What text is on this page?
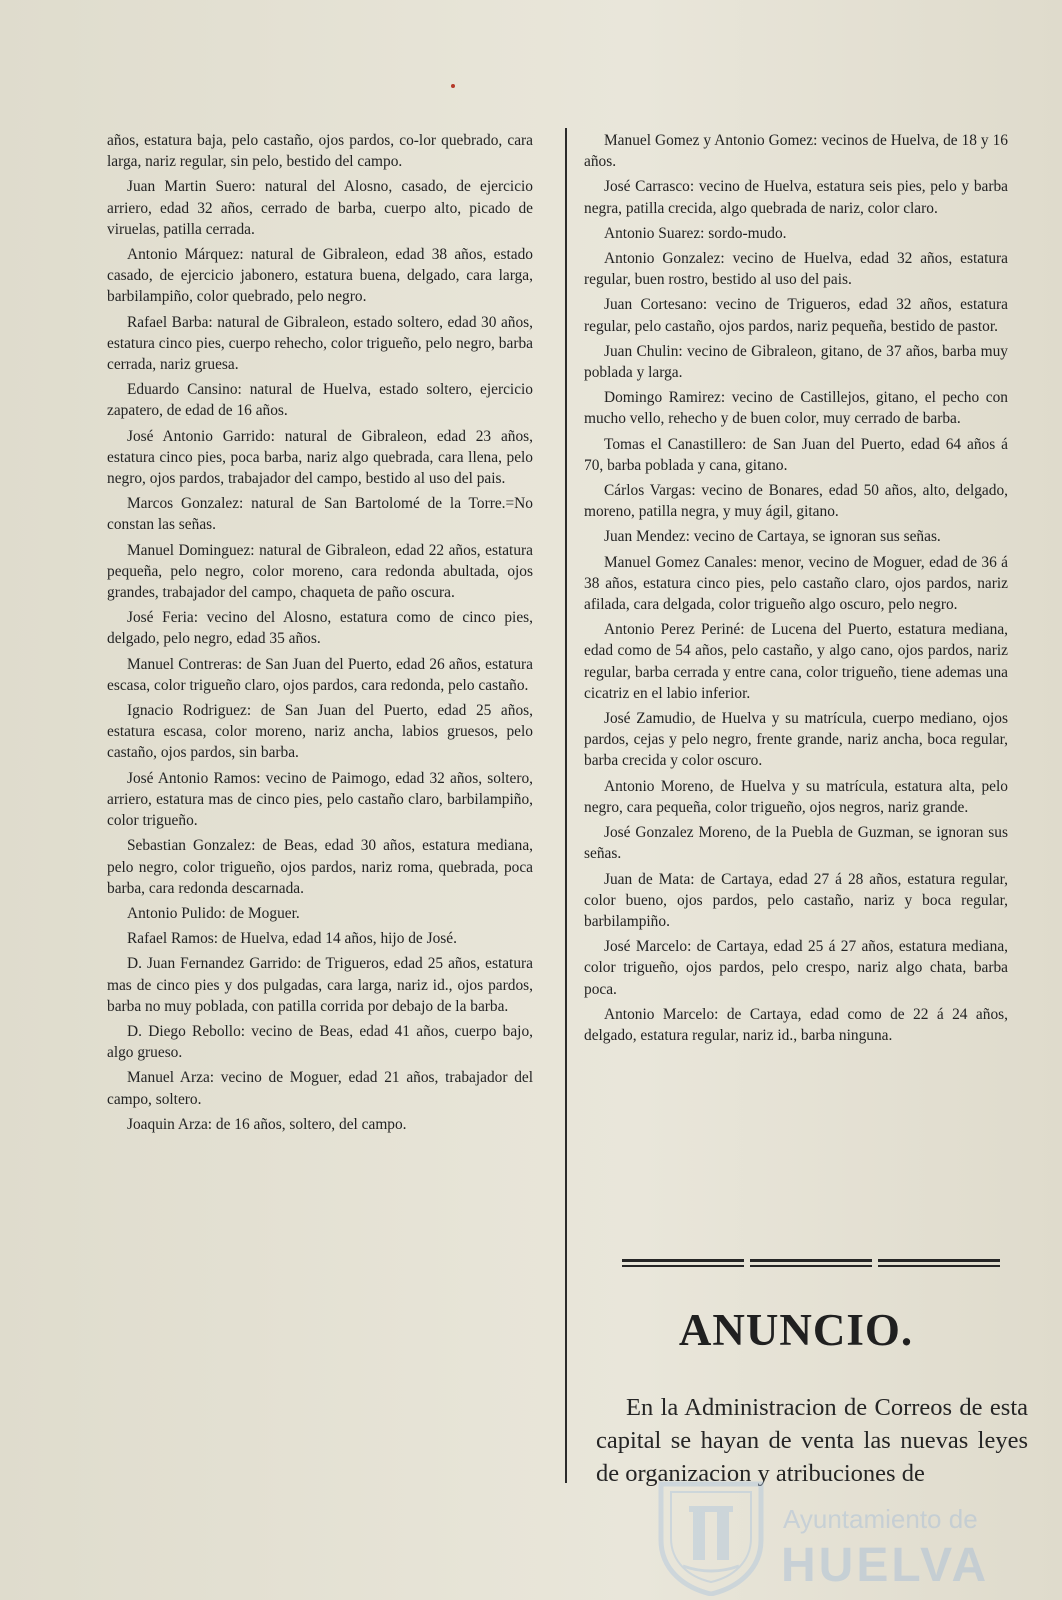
años, estatura baja, pelo castaño, ojos pardos, co-lor quebrado, cara larga, nariz regular, sin pelo, bestido del campo.

Juan Martin Suero: natural del Alosno, casado, de ejercicio arriero, edad 32 años, cerrado de barba, cuerpo alto, picado de viruelas, patilla cerrada.

Antonio Márquez: natural de Gibraleon, edad 38 años, estado casado, de ejercicio jabonero, estatura buena, delgado, cara larga, barbilampiño, color quebrado, pelo negro.

Rafael Barba: natural de Gibraleon, estado soltero, edad 30 años, estatura cinco pies, cuerpo rehecho, color trigueño, pelo negro, barba cerrada, nariz gruesa.

Eduardo Cansino: natural de Huelva, estado soltero, ejercicio zapatero, de edad de 16 años.

José Antonio Garrido: natural de Gibraleon, edad 23 años, estatura cinco pies, poca barba, nariz algo quebrada, cara llena, pelo negro, ojos pardos, trabajador del campo, bestido al uso del pais.

Marcos Gonzalez: natural de San Bartolomé de la Torre.=No constan las señas.

Manuel Dominguez: natural de Gibraleon, edad 22 años, estatura pequeña, pelo negro, color moreno, cara redonda abultada, ojos grandes, trabajador del campo, chaqueta de paño oscura.

José Feria: vecino del Alosno, estatura como de cinco pies, delgado, pelo negro, edad 35 años.

Manuel Contreras: de San Juan del Puerto, edad 26 años, estatura escasa, color trigueño claro, ojos pardos, cara redonda, pelo castaño.

Ignacio Rodriguez: de San Juan del Puerto, edad 25 años, estatura escasa, color moreno, nariz ancha, labios gruesos, pelo castaño, ojos pardos, sin barba.

José Antonio Ramos: vecino de Paimogo, edad 32 años, soltero, arriero, estatura mas de cinco pies, pelo castaño claro, barbilampiño, color trigueño.

Sebastian Gonzalez: de Beas, edad 30 años, estatura mediana, pelo negro, color trigueño, ojos pardos, nariz roma, quebrada, poca barba, cara redonda descarnada.

Antonio Pulido: de Moguer.

Rafael Ramos: de Huelva, edad 14 años, hijo de José.

D. Juan Fernandez Garrido: de Trigueros, edad 25 años, estatura mas de cinco pies y dos pulgadas, cara larga, nariz id., ojos pardos, barba no muy poblada, con patilla corrida por debajo de la barba.

D. Diego Rebollo: vecino de Beas, edad 41 años, cuerpo bajo, algo grueso.

Manuel Arza: vecino de Moguer, edad 21 años, trabajador del campo, soltero.

Joaquin Arza: de 16 años, soltero, del campo.

Manuel Gomez y Antonio Gomez: vecinos de Huelva, de 18 y 16 años.

José Carrasco: vecino de Huelva, estatura seis pies, pelo y barba negra, patilla crecida, algo quebrada de nariz, color claro.

Antonio Suarez: sordo-mudo.

Antonio Gonzalez: vecino de Huelva, edad 32 años, estatura regular, buen rostro, bestido al uso del pais.

Juan Cortesano: vecino de Trigueros, edad 32 años, estatura regular, pelo castaño, ojos pardos, nariz pequeña, bestido de pastor.

Juan Chulin: vecino de Gibraleon, gitano, de 37 años, barba muy poblada y larga.

Domingo Ramirez: vecino de Castillejos, gitano, el pecho con mucho vello, rehecho y de buen color, muy cerrado de barba.

Tomas el Canastillero: de San Juan del Puerto, edad 64 años á 70, barba poblada y cana, gitano.

Cárlos Vargas: vecino de Bonares, edad 50 años, alto, delgado, moreno, patilla negra, y muy ágil, gitano.

Juan Mendez: vecino de Cartaya, se ignoran sus señas.

Manuel Gomez Canales: menor, vecino de Moguer, edad de 36 á 38 años, estatura cinco pies, pelo castaño claro, ojos pardos, nariz afilada, cara delgada, color trigueño algo oscuro, pelo negro.

Antonio Perez Periné: de Lucena del Puerto, estatura mediana, edad como de 54 años, pelo castaño, y algo cano, ojos pardos, nariz regular, barba cerrada y entre cana, color trigueño, tiene ademas una cicatriz en el labio inferior.

José Zamudio, de Huelva y su matrícula, cuerpo mediano, ojos pardos, cejas y pelo negro, frente grande, nariz ancha, boca regular, barba crecida y color oscuro.

Antonio Moreno, de Huelva y su matrícula, estatura alta, pelo negro, cara pequeña, color trigueño, ojos negros, nariz grande.

José Gonzalez Moreno, de la Puebla de Guzman, se ignoran sus señas.

Juan de Mata: de Cartaya, edad 27 á 28 años, estatura regular, color bueno, ojos pardos, pelo castaño, nariz y boca regular, barbilampiño.

José Marcelo: de Cartaya, edad 25 á 27 años, estatura mediana, color trigueño, ojos pardos, pelo crespo, nariz algo chata, barba poca.

Antonio Marcelo: de Cartaya, edad como de 22 á 24 años, delgado, estatura regular, nariz id., barba ninguna.

ANUNCIO.

En la Administracion de Correos de esta capital se hayan de venta las nuevas leyes de organizacion y atribuciones de

Ayuntamiento de
HUELVA
